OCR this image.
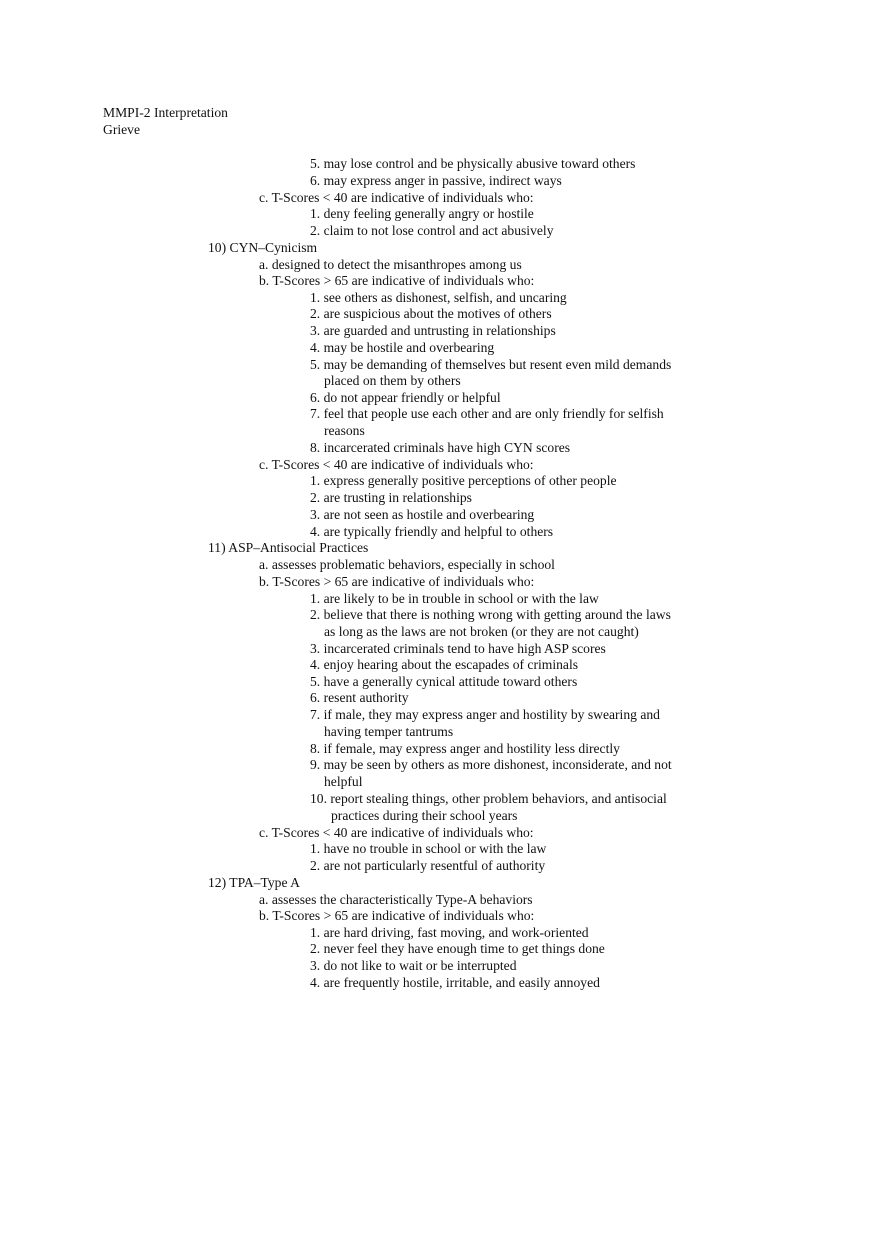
MMPI-2 Interpretation
Grieve
5. may lose control and be physically abusive toward others
6. may express anger in passive, indirect ways
c. T-Scores < 40 are indicative of individuals who:
1. deny feeling generally angry or hostile
2. claim to not lose control and act abusively
10) CYN–Cynicism
a. designed to detect the misanthropes among us
b. T-Scores > 65 are indicative of individuals who:
1. see others as dishonest, selfish, and uncaring
2. are suspicious about the motives of others
3. are guarded and untrusting in relationships
4. may be hostile and overbearing
5. may be demanding of themselves but resent even mild demands
placed on them by others
6. do not appear friendly or helpful
7. feel that people use each other and are only friendly for selfish
reasons
8. incarcerated criminals have high CYN scores
c. T-Scores < 40 are indicative of individuals who:
1. express generally positive perceptions of other people
2. are trusting in relationships
3. are not seen as hostile and overbearing
4. are typically friendly and helpful to others
11) ASP–Antisocial Practices
a. assesses problematic behaviors, especially in school
b. T-Scores > 65 are indicative of individuals who:
1. are likely to be in trouble in school or with the law
2. believe that there is nothing wrong with getting around the laws
as long as the laws are not broken (or they are not caught)
3. incarcerated criminals tend to have high ASP scores
4. enjoy hearing about the escapades of criminals
5. have a generally cynical attitude toward others
6. resent authority
7. if male, they may express anger and hostility by swearing and
having temper tantrums
8. if female, may express anger and hostility less directly
9. may be seen by others as more dishonest, inconsiderate, and not
helpful
10. report stealing things, other problem behaviors, and antisocial
practices during their school years
c. T-Scores < 40 are indicative of individuals who:
1. have no trouble in school or with the law
2. are not particularly resentful of authority
12) TPA–Type A
a. assesses the characteristically Type-A behaviors
b. T-Scores > 65 are indicative of individuals who:
1. are hard driving, fast moving, and work-oriented
2. never feel they have enough time to get things done
3. do not like to wait or be interrupted
4. are frequently hostile, irritable, and easily annoyed
